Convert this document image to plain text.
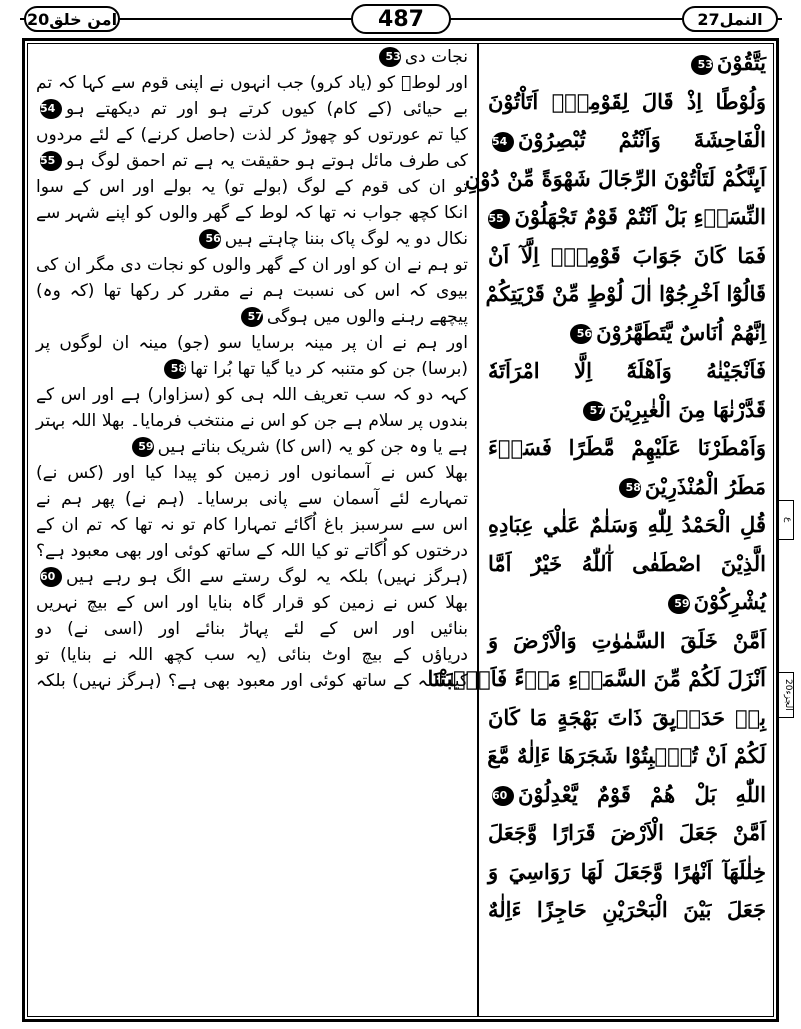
امن خلق20	487	النمل27
نجات دی53
اور لوطؑ کو (یاد کرو) جب انہوں نے اپنی قوم سے کہا کہ تم
بے حیائی (کے کام) کیوں کرتے ہو اور تم دیکھتے ہو54
کیا تم عورتوں کو چھوڑ کر لذت (حاصل کرنے) کے لئے مردوں
کی طرف مائل ہوتے ہو حقیقت یہ ہے تم احمق لوگ ہو55
تو ان کی قوم کے لوگ (بولے تو) یہ بولے اور اس کے سوا
انکا کچھ جواب نہ تھا کہ لوط کے گھر والوں کو اپنے شہر سے
نکال دو یہ لوگ پاک بننا چاہتے ہیں56
تو ہم نے ان کو اور ان کے گھر والوں کو نجات دی مگر ان کی
بیوی کہ اس کی نسبت ہم نے مقرر کر رکھا تھا (کہ وہ)
پیچھے رہنے والوں میں ہوگی57
اور ہم نے ان پر مینہ برسایا سو (جو) مینہ ان لوگوں پر
(برسا) جن کو متنبہ کر دیا گیا تھا بُرا تھا58
کہہ دو کہ سب تعریف اللہ ہی کو (سزاوار) ہے اور اس کے
بندوں پر سلام ہے جن کو اس نے منتخب فرمایا۔ بھلا اللہ بہتر
ہے یا وہ جن کو یہ (اس کا) شریک بناتے ہیں59
بھلا کس نے آسمانوں اور زمین کو پیدا کیا اور (کس نے)
تمہارے لئے آسمان سے پانی برسایا۔ (ہم نے) پھر ہم نے
اس سے سرسبز باغ اُگائے تمہارا کام تو نہ تھا کہ تم ان کے
درختوں کو اُگاتے تو کیا اللہ کے ساتھ کوئی اور بھی معبود ہے؟
(ہرگز نہیں) بلکہ یہ لوگ رستے سے الگ ہو رہے ہیں60
بھلا کس نے زمین کو قرار گاہ بنایا اور اس کے بیچ نہریں
بنائیں اور اس کے لئے پہاڑ بنائے اور (اسی نے) دو
دریاؤں کے بیچ اوٹ بنائی (یہ سب کچھ اللہ نے بنایا) تو
کیا اللہ کے ساتھ کوئی اور معبود بھی ہے؟ (ہرگز نہیں) بلکہ
يَتَّقُوْنَ53
وَلُوْطًا اِذْ قَالَ لِقَوْمِهٖٓ اَتَاْتُوْنَ
الْفَاحِشَةَ وَاَنْتُمْ تُبْصِرُوْنَ54
اَىِٕنَّكُمْ لَتَاْتُوْنَ الرِّجَالَ شَهْوَةً مِّنْ دُوْنِ
النِّسَاۗءِ بَلْ اَنْتُمْ قَوْمٌ تَجْهَلُوْنَ55
فَمَا كَانَ جَوَابَ قَوْمِهٖٓ اِلَّآ اَنْ
قَالُوْٓا اَخْرِجُوْٓا اٰلَ لُوْطٍ مِّنْ قَرْيَتِكُمْ
اِنَّهُمْ اُنَاسٌ يَّتَطَهَّرُوْنَ56
فَاَنْجَيْنٰهُ وَاَهْلَهٗٓ اِلَّا امْرَاَتَهٗ
قَدَّرْنٰهَا مِنَ الْغٰبِرِيْنَ57
وَاَمْطَرْنَا عَلَيْهِمْ مَّطَرًا فَسَاۗءَ
مَطَرُ الْمُنْذَرِيْنَ58
قُلِ الْحَمْدُ لِلّٰهِ وَسَلٰمٌ عَلٰي عِبَادِهِ
الَّذِيْنَ اصْطَفٰى آٰللّٰهُ خَيْرٌ اَمَّا
يُشْرِكُوْنَ59
اَمَّنْ خَلَقَ السَّمٰوٰتِ وَالْاَرْضَ وَ
اَنْزَلَ لَكُمْ مِّنَ السَّمَاۗءِ مَاۗءً فَاَنْۢبَتْنَا
بِهٖ حَدَاۗىِٕقَ ذَاتَ بَهْجَةٍ مَا كَانَ
لَكُمْ اَنْ تُنْۢبِتُوْا شَجَرَهَا ءَاِلٰهٌ مَّعَ
اللّٰهِ بَلْ هُمْ قَوْمٌ يَّعْدِلُوْنَ60
اَمَّنْ جَعَلَ الْاَرْضَ قَرَارًا وَّجَعَلَ
خِلٰلَهَآ اَنْهٰرًا وَّجَعَلَ لَهَا رَوَاسِيَ وَ
جَعَلَ بَيْنَ الْبَحْرَيْنِ حَاجِزًا ءَاِلٰهٌ
ع
الجزء20
